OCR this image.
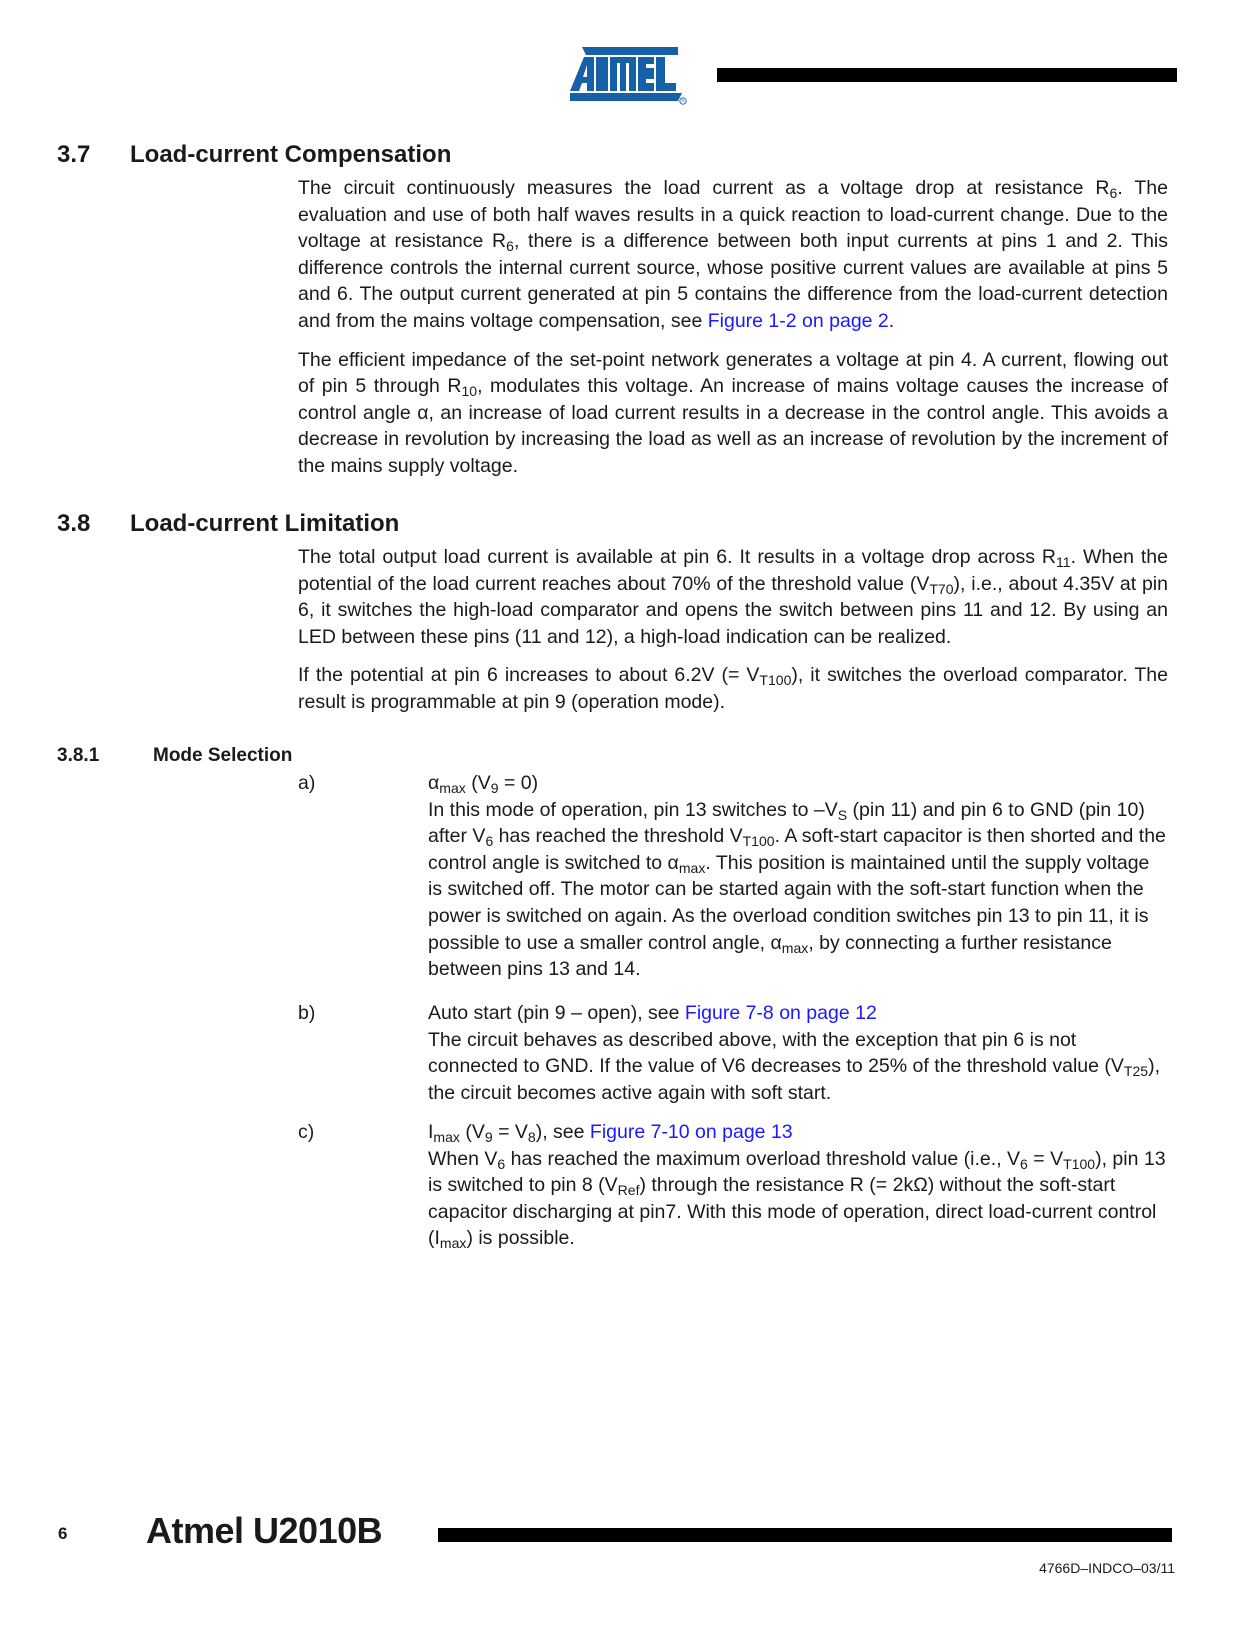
R
3.7 Load-current Compensation

The circuit continuously measures the load current as a voltage drop at resistance $R_6$. The evaluation and use of both half waves results in a quick reaction to load-current change. Due to the voltage at resistance $R_6$, there is a difference between both input currents at pins 1 and 2. This difference controls the internal current source, whose positive current values are available at pins 5 and 6. The output current generated at pin 5 contains the difference from the load-current detection and from the mains voltage compensation, see Figure 1-2 on page 2.

The efficient impedance of the set-point network generates a voltage at pin 4. A current, flowing out of pin 5 through $R_{10}$, modulates this voltage. An increase of mains voltage causes the increase of control angle α, an increase of load current results in a decrease in the control angle. This avoids a decrease in revolution by increasing the load as well as an increase of revolution by the increment of the mains supply voltage.

3.8 Load-current Limitation

The total output load current is available at pin 6. It results in a voltage drop across $R_{11}$. When the potential of the load current reaches about 70% of the threshold value $(V_{T70})$, i.e., about 4.35V at pin 6, it switches the high-load comparator and opens the switch between pins 11 and 12. By using an LED between these pins (11 and 12), a high-load indication can be realized.

If the potential at pin 6 increases to about 6.2V (= $V_{T100}$), it switches the overload comparator. The result is programmable at pin 9 (operation mode).

3.8.1	Mode Selection
a)	$\alpha_{max}$ $(V_9 = 0)$

In this mode of operation, pin 13 switches to $-V_S$ (pin 11) and pin 6 to GND (pin 10) after $V_6$ has reached the threshold $V_{T100}$. A soft-start capacitor is then shorted and the control angle is switched to $\alpha_{max}$. This position is maintained until the supply voltage is switched off. The motor can be started again with the soft-start function when the power is switched on again. As the overload condition switches pin 13 to pin 11, it is possible to use a smaller control angle, $\alpha_{max}$, by connecting a further resistance between pins 13 and 14.

b)	Auto start (pin 9 – open), see Figure 7-8 on page 12

The circuit behaves as described above, with the exception that pin 6 is not connected to GND. If the value of V6 decreases to 25% of the threshold value $(V_{T25})$, the circuit becomes active again with soft start.

c)	$I_{max}$ $(V_9 = V_8)$, see Figure 7-10 on page 13

When $V_6$ has reached the maximum overload threshold value (i.e., $V_6 = V_{T100}$), pin 13 is switched to pin 8 $(V_{Ref})$ through the resistance R (= 2kΩ) without the soft-start capacitor discharging at pin7. With this mode of operation, direct load-current control $(I_{max})$ is possible.

6 Atmel U2010B
4766D–INDCO–03/11
